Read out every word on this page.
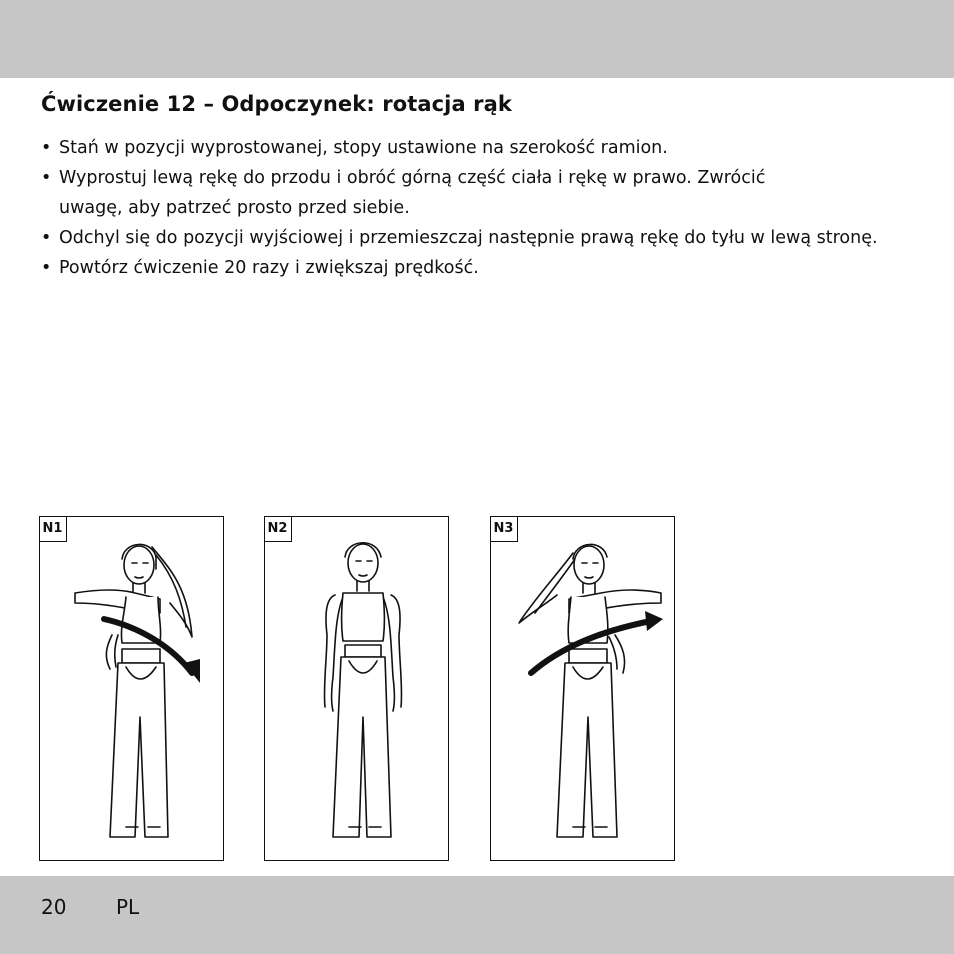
Ćwiczenie 12 – Odpoczynek: rotacja rąk
• Stań w pozycji wyprostowanej, stopy ustawione na szerokość ramion.
• Wyprostuj lewą rękę do przodu i obróć górną część ciała i rękę w prawo. Zwrócić uwagę, aby patrzeć prosto przed siebie.
• Odchyl się do pozycji wyjściowej i przemieszczaj następnie prawą rękę do tyłu w lewą stronę.
• Powtórz ćwiczenie 20 razy i zwiększaj prędkość.
N1	N2	N3
20 PL
